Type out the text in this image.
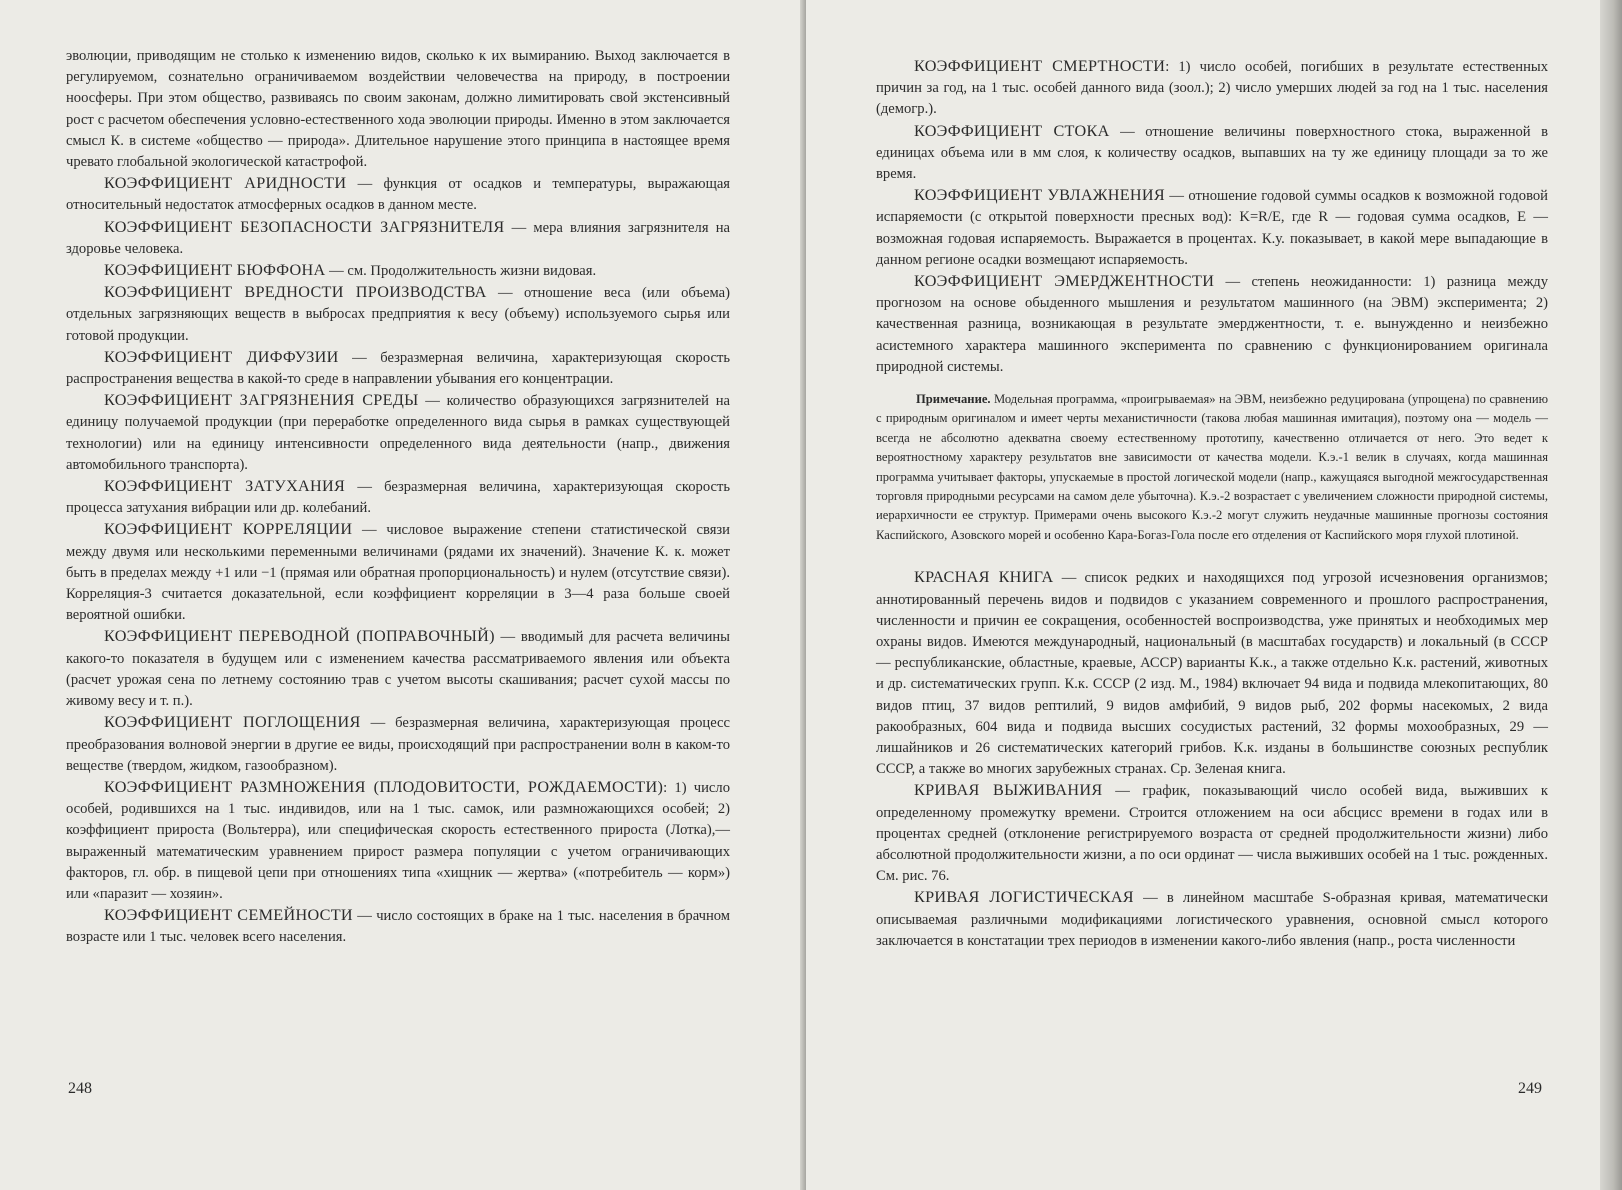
эволюции, приводящим не столько к изменению видов, сколько к их вымиранию. Выход заключается в регулируемом, сознательно ограничиваемом воздействии человечества на природу, в построении ноосферы. При этом общество, развиваясь по своим законам, должно лимитировать свой экстенсивный рост с расчетом обеспечения условно-естественного хода эволюции природы. Именно в этом заключается смысл К. в системе «общество — природа». Длительное нарушение этого принципа в настоящее время чревато глобальной экологической катастрофой.

КОЭФФИЦИЕНТ АРИДНОСТИ — функция от осадков и температуры, выражающая относительный недостаток атмосферных осадков в данном месте.

КОЭФФИЦИЕНТ БЕЗОПАСНОСТИ ЗАГРЯЗНИТЕЛЯ — мера влияния загрязнителя на здоровье человека.

КОЭФФИЦИЕНТ БЮФФОНА — см. Продолжительность жизни видовая.

КОЭФФИЦИЕНТ ВРЕДНОСТИ ПРОИЗВОДСТВА — отношение веса (или объема) отдельных загрязняющих веществ в выбросах предприятия к весу (объему) используемого сырья или готовой продукции.

КОЭФФИЦИЕНТ ДИФФУЗИИ — безразмерная величина, характеризующая скорость распространения вещества в какой-то среде в направлении убывания его концентрации.

КОЭФФИЦИЕНТ ЗАГРЯЗНЕНИЯ СРЕДЫ — количество образующихся загрязнителей на единицу получаемой продукции (при переработке определенного вида сырья в рамках существующей технологии) или на единицу интенсивности определенного вида деятельности (напр., движения автомобильного транспорта).

КОЭФФИЦИЕНТ ЗАТУХАНИЯ — безразмерная величина, характеризующая скорость процесса затухания вибрации или др. колебаний.

КОЭФФИЦИЕНТ КОРРЕЛЯЦИИ — числовое выражение степени статистической связи между двумя или несколькими переменными величинами (рядами их значений). Значение К. к. может быть в пределах между +1 или −1 (прямая или обратная пропорциональность) и нулем (отсутствие связи). Корреляция-3 считается доказательной, если коэффициент корреляции в 3—4 раза больше своей вероятной ошибки.

КОЭФФИЦИЕНТ ПЕРЕВОДНОЙ (ПОПРАВОЧНЫЙ) — вводимый для расчета величины какого-то показателя в будущем или с изменением качества рассматриваемого явления или объекта (расчет урожая сена по летнему состоянию трав с учетом высоты скашивания; расчет сухой массы по живому весу и т. п.).

КОЭФФИЦИЕНТ ПОГЛОЩЕНИЯ — безразмерная величина, характеризующая процесс преобразования волновой энергии в другие ее виды, происходящий при распространении волн в каком-то веществе (твердом, жидком, газообразном).

КОЭФФИЦИЕНТ РАЗМНОЖЕНИЯ (ПЛОДОВИТОСТИ, РОЖДАЕМОСТИ): 1) число особей, родившихся на 1 тыс. индивидов, или на 1 тыс. самок, или размножающихся особей; 2) коэффициент прироста (Вольтерра), или специфическая скорость естественного прироста (Лотка),— выраженный математическим уравнением прирост размера популяции с учетом ограничивающих факторов, гл. обр. в пищевой цепи при отношениях типа «хищник — жертва» («потребитель — корм») или «паразит — хозяин».

КОЭФФИЦИЕНТ СЕМЕЙНОСТИ — число состоящих в браке на 1 тыс. населения в брачном возрасте или 1 тыс. человек всего населения.

248

КОЭФФИЦИЕНТ СМЕРТНОСТИ: 1) число особей, погибших в результате естественных причин за год, на 1 тыс. особей данного вида (зоол.); 2) число умерших людей за год на 1 тыс. населения (демогр.).

КОЭФФИЦИЕНТ СТОКА — отношение величины поверхностного стока, выраженной в единицах объема или в мм слоя, к количеству осадков, выпавших на ту же единицу площади за то же время.

КОЭФФИЦИЕНТ УВЛАЖНЕНИЯ — отношение годовой суммы осадков к возможной годовой испаряемости (с открытой поверхности пресных вод): K=R/E, где R — годовая сумма осадков, E — возможная годовая испаряемость. Выражается в процентах. К.у. показывает, в какой мере выпадающие в данном регионе осадки возмещают испаряемость.

КОЭФФИЦИЕНТ ЭМЕРДЖЕНТНОСТИ — степень неожиданности: 1) разница между прогнозом на основе обыденного мышления и результатом машинного (на ЭВМ) эксперимента; 2) качественная разница, возникающая в результате эмерджентности, т. е. вынужденно и неизбежно асистемного характера машинного эксперимента по сравнению с функционированием оригинала природной системы.

Примечание. Модельная программа, «проигрываемая» на ЭВМ, неизбежно редуцирована (упрощена) по сравнению с природным оригиналом и имеет черты механистичности (такова любая машинная имитация), поэтому она — модель — всегда не абсолютно адекватна своему естественному прототипу, качественно отличается от него. Это ведет к вероятностному характеру результатов вне зависимости от качества модели. К.э.-1 велик в случаях, когда машинная программа учитывает факторы, упускаемые в простой логической модели (напр., кажущаяся выгодной межгосударственная торговля природными ресурсами на самом деле убыточна). К.э.-2 возрастает с увеличением сложности природной системы, иерархичности ее структур. Примерами очень высокого К.э.-2 могут служить неудачные машинные прогнозы состояния Каспийского, Азовского морей и особенно Кара-Богаз-Гола после его отделения от Каспийского моря глухой плотиной.

КРАСНАЯ КНИГА — список редких и находящихся под угрозой исчезновения организмов; аннотированный перечень видов и подвидов с указанием современного и прошлого распространения, численности и причин ее сокращения, особенностей воспроизводства, уже принятых и необходимых мер охраны видов. Имеются международный, национальный (в масштабах государств) и локальный (в СССР — республиканские, областные, краевые, АССР) варианты К.к., а также отдельно К.к. растений, животных и др. систематических групп. К.к. СССР (2 изд. М., 1984) включает 94 вида и подвида млекопитающих, 80 видов птиц, 37 видов рептилий, 9 видов амфибий, 9 видов рыб, 202 формы насекомых, 2 вида ракообразных, 604 вида и подвида высших сосудистых растений, 32 формы мохообразных, 29 — лишайников и 26 систематических категорий грибов. К.к. изданы в большинстве союзных республик СССР, а также во многих зарубежных странах. Ср. Зеленая книга.

КРИВАЯ ВЫЖИВАНИЯ — график, показывающий число особей вида, выживших к определенному промежутку времени. Строится отложением на оси абсцисс времени в годах или в процентах средней (отклонение регистрируемого возраста от средней продолжительности жизни) либо абсолютной продолжительности жизни, а по оси ординат — числа выживших особей на 1 тыс. рожденных. См. рис. 76.

КРИВАЯ ЛОГИСТИЧЕСКАЯ — в линейном масштабе S-образная кривая, математически описываемая различными модификациями логистического уравнения, основной смысл которого заключается в констатации трех периодов в изменении какого-либо явления (напр., роста численности

249
